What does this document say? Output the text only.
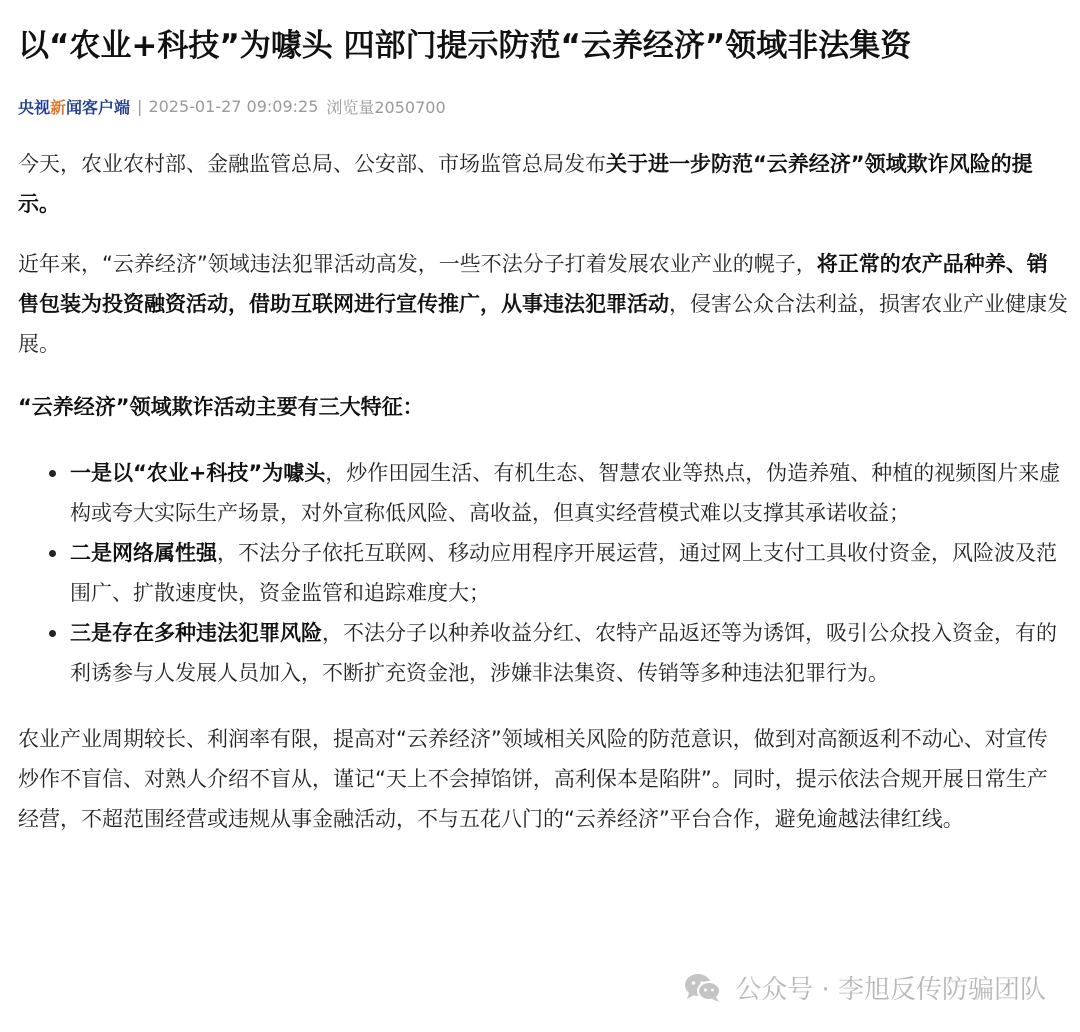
以“农业+科技”为噱头 四部门提示防范“云养经济”领域非法集资
央视新闻客户端 | 2025-01-27 09:09:25 浏览量2050700

今天，农业农村部、金融监管总局、公安部、市场监管总局发布关于进一步防范“云养经济”领域欺诈风险的提示。

近年来，“云养经济”领域违法犯罪活动高发，一些不法分子打着发展农业产业的幌子，将正常的农产品种养、销售包装为投资融资活动，借助互联网进行宣传推广，从事违法犯罪活动，侵害公众合法利益，损害农业产业健康发展。

“云养经济”领域欺诈活动主要有三大特征：

一是以“农业+科技”为噱头，炒作田园生活、有机生态、智慧农业等热点，伪造养殖、种植的视频图片来虚构或夸大实际生产场景，对外宣称低风险、高收益，但真实经营模式难以支撑其承诺收益；
二是网络属性强，不法分子依托互联网、移动应用程序开展运营，通过网上支付工具收付资金，风险波及范围广、扩散速度快，资金监管和追踪难度大；
三是存在多种违法犯罪风险，不法分子以种养收益分红、农特产品返还等为诱饵，吸引公众投入资金，有的利诱参与人发展人员加入，不断扩充资金池，涉嫌非法集资、传销等多种违法犯罪行为。

农业产业周期较长、利润率有限，提高对“云养经济”领域相关风险的防范意识，做到对高额返利不动心、对宣传炒作不盲信、对熟人介绍不盲从，谨记“天上不会掉馅饼，高利保本是陷阱”。同时，提示依法合规开展日常生产经营，不超范围经营或违规从事金融活动，不与五花八门的“云养经济”平台合作，避免逾越法律红线。

公众号 · 李旭反传防骗团队
